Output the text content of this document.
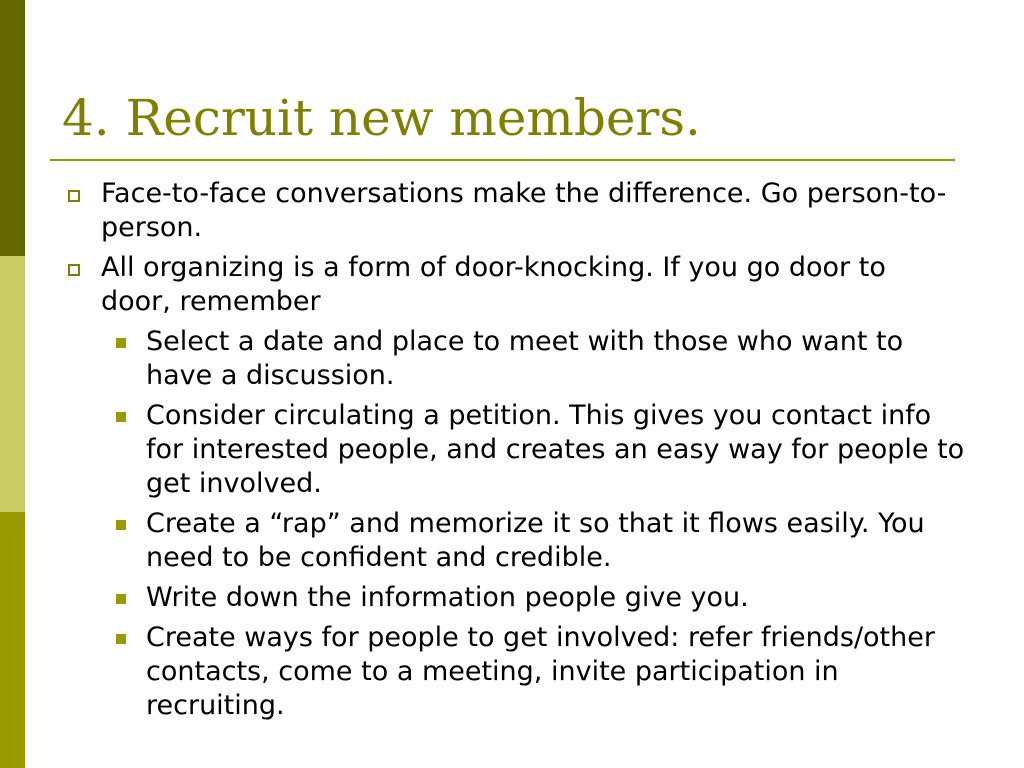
4. Recruit new members.
Face-to-face conversations make the difference. Go person-to-person.
All organizing is a form of door-knocking. If you go door to door, remember
Select a date and place to meet with those who want to have a discussion.
Consider circulating a petition. This gives you contact info for interested people, and creates an easy way for people to get involved.
Create a “rap” and memorize it so that it flows easily. You need to be confident and credible.
Write down the information people give you.
Create ways for people to get involved: refer friends/other contacts, come to a meeting, invite participation in recruiting.
